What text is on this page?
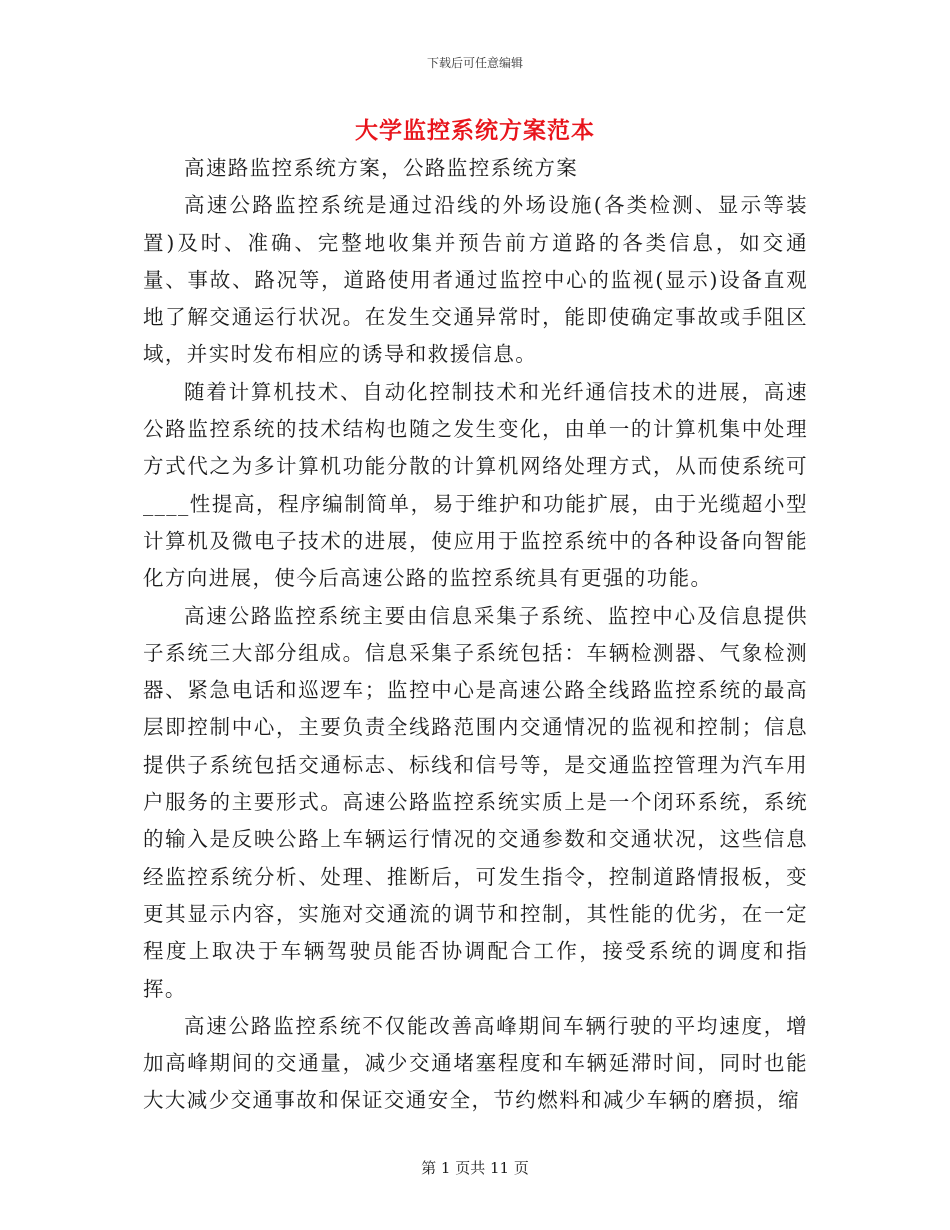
下载后可任意编辑
大学监控系统方案范本

高速路监控系统方案，公路监控系统方案

高速公路监控系统是通过沿线的外场设施(各类检测、显示等装置)及时、准确、完整地收集并预告前方道路的各类信息，如交通量、事故、路况等，道路使用者通过监控中心的监视(显示)设备直观地了解交通运行状况。在发生交通异常时，能即使确定事故或手阻区域，并实时发布相应的诱导和救援信息。

随着计算机技术、自动化控制技术和光纤通信技术的进展，高速公路监控系统的技术结构也随之发生变化，由单一的计算机集中处理方式代之为多计算机功能分散的计算机网络处理方式，从而使系统可____性提高，程序编制简单，易于维护和功能扩展，由于光缆超小型计算机及微电子技术的进展，使应用于监控系统中的各种设备向智能化方向进展，使今后高速公路的监控系统具有更强的功能。

高速公路监控系统主要由信息采集子系统、监控中心及信息提供子系统三大部分组成。信息采集子系统包括：车辆检测器、气象检测器、紧急电话和巡逻车；监控中心是高速公路全线路监控系统的最高层即控制中心，主要负责全线路范围内交通情况的监视和控制；信息提供子系统包括交通标志、标线和信号等，是交通监控管理为汽车用户服务的主要形式。高速公路监控系统实质上是一个闭环系统，系统的输入是反映公路上车辆运行情况的交通参数和交通状况，这些信息经监控系统分析、处理、推断后，可发生指令，控制道路情报板，变更其显示内容，实施对交通流的调节和控制，其性能的优劣，在一定程度上取决于车辆驾驶员能否协调配合工作，接受系统的调度和指挥。

高速公路监控系统不仅能改善高峰期间车辆行驶的平均速度，增加高峰期间的交通量，减少交通堵塞程度和车辆延滞时间，同时也能大大减少交通事故和保证交通安全，节约燃料和减少车辆的磨损，缩

第 1 页共 11 页
